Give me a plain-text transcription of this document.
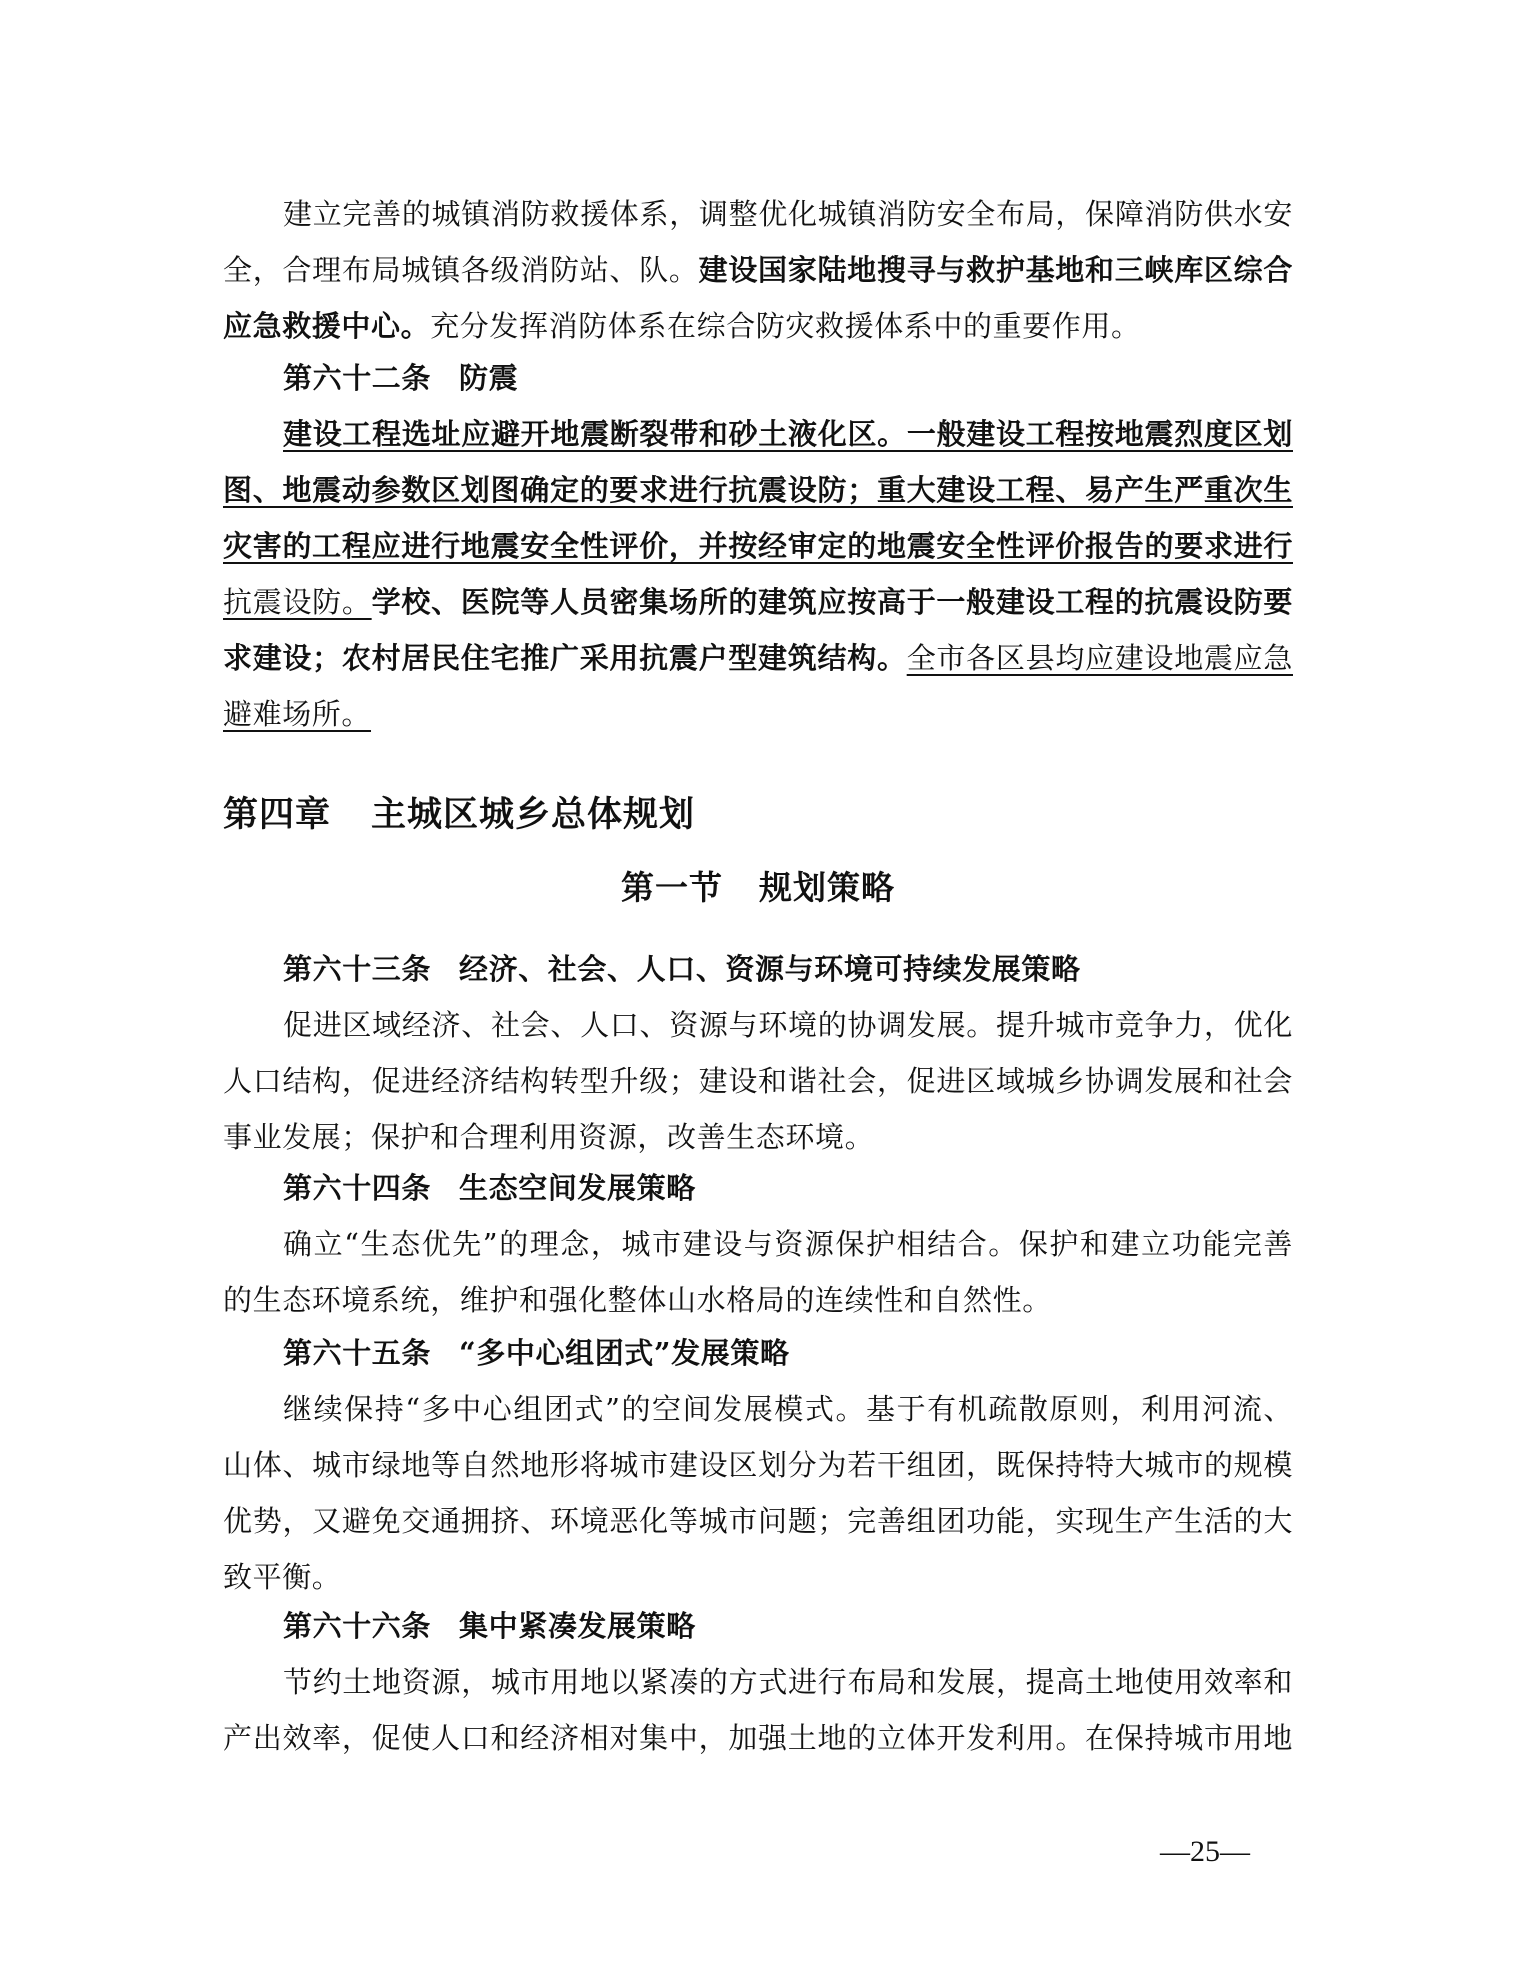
建立完善的城镇消防救援体系，调整优化城镇消防安全布局，保障消防供水安
全，合理布局城镇各级消防站、队。建设国家陆地搜寻与救护基地和三峡库区综合
应急救援中心。充分发挥消防体系在综合防灾救援体系中的重要作用。
第六十二条 防震
建设工程选址应避开地震断裂带和砂土液化区。一般建设工程按地震烈度区划
图、地震动参数区划图确定的要求进行抗震设防；重大建设工程、易产生严重次生
灾害的工程应进行地震安全性评价，并按经审定的地震安全性评价报告的要求进行
抗震设防。学校、医院等人员密集场所的建筑应按高于一般建设工程的抗震设防要
求建设；农村居民住宅推广采用抗震户型建筑结构。全市各区县均应建设地震应急
避难场所。
第四章 主城区城乡总体规划
第一节 规划策略
第六十三条 经济、社会、人口、资源与环境可持续发展策略
促进区域经济、社会、人口、资源与环境的协调发展。提升城市竞争力，优化
人口结构，促进经济结构转型升级；建设和谐社会，促进区域城乡协调发展和社会
事业发展；保护和合理利用资源，改善生态环境。
第六十四条 生态空间发展策略
确立“生态优先”的理念，城市建设与资源保护相结合。保护和建立功能完善
的生态环境系统，维护和强化整体山水格局的连续性和自然性。
第六十五条 “多中心组团式”发展策略
继续保持“多中心组团式”的空间发展模式。基于有机疏散原则，利用河流、
山体、城市绿地等自然地形将城市建设区划分为若干组团，既保持特大城市的规模
优势，又避免交通拥挤、环境恶化等城市问题；完善组团功能，实现生产生活的大
致平衡。
第六十六条 集中紧凑发展策略
节约土地资源，城市用地以紧凑的方式进行布局和发展，提高土地使用效率和
产出效率，促使人口和经济相对集中，加强土地的立体开发利用。在保持城市用地
—25—
